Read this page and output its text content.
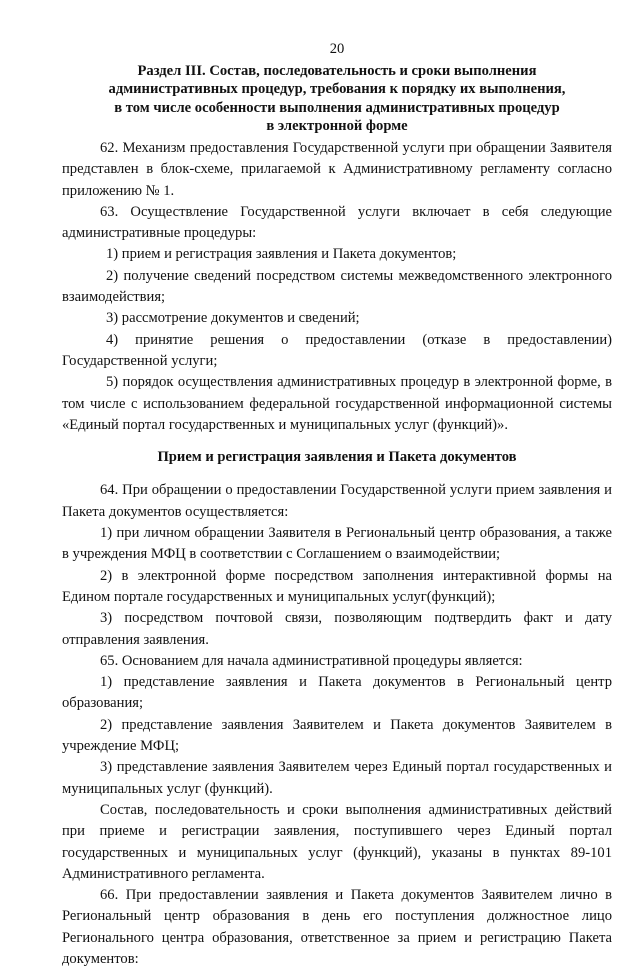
20
Раздел III. Состав, последовательность и сроки выполнения
административных процедур, требования к порядку их выполнения,
в том числе особенности выполнения административных процедур
в электронной форме

62. Механизм предоставления Государственной услуги при обращении Заявителя представлен в блок-схеме, прилагаемой к Административному регламенту согласно приложению № 1.

63. Осуществление Государственной услуги включает в себя следующие административные процедуры:

1) прием и регистрация заявления и Пакета документов;

2) получение сведений посредством системы межведомственного электронного взаимодействия;

3) рассмотрение документов и сведений;

4) принятие решения о предоставлении (отказе в предоставлении) Государственной услуги;

5) порядок осуществления административных процедур в электронной форме, в том числе с использованием федеральной государственной информационной системы «Единый портал государственных и муниципальных услуг (функций)».

Прием и регистрация заявления и Пакета документов

64. При обращении о предоставлении Государственной услуги прием заявления и Пакета документов осуществляется:

1) при личном обращении Заявителя в Региональный центр образования, а также в учреждения МФЦ в соответствии с Соглашением о взаимодействии;

2) в электронной форме посредством заполнения интерактивной формы на Едином портале государственных и муниципальных услуг(функций);

3) посредством почтовой связи, позволяющим подтвердить факт и дату отправления заявления.

65. Основанием для начала административной процедуры является:

1) представление заявления и Пакета документов в Региональный центр образования;

2) представление заявления Заявителем и Пакета документов Заявителем в учреждение МФЦ;

3) представление заявления Заявителем через Единый портал государственных и муниципальных услуг (функций).

Состав, последовательность и сроки выполнения административных действий при приеме и регистрации заявления, поступившего через Единый портал государственных и муниципальных услуг (функций), указаны в пунктах 89-101 Административного регламента.

66. При предоставлении заявления и Пакета документов Заявителем лично в Региональный центр образования в день его поступления должностное лицо Регионального центра образования, ответственное за прием и регистрацию Пакета документов:
